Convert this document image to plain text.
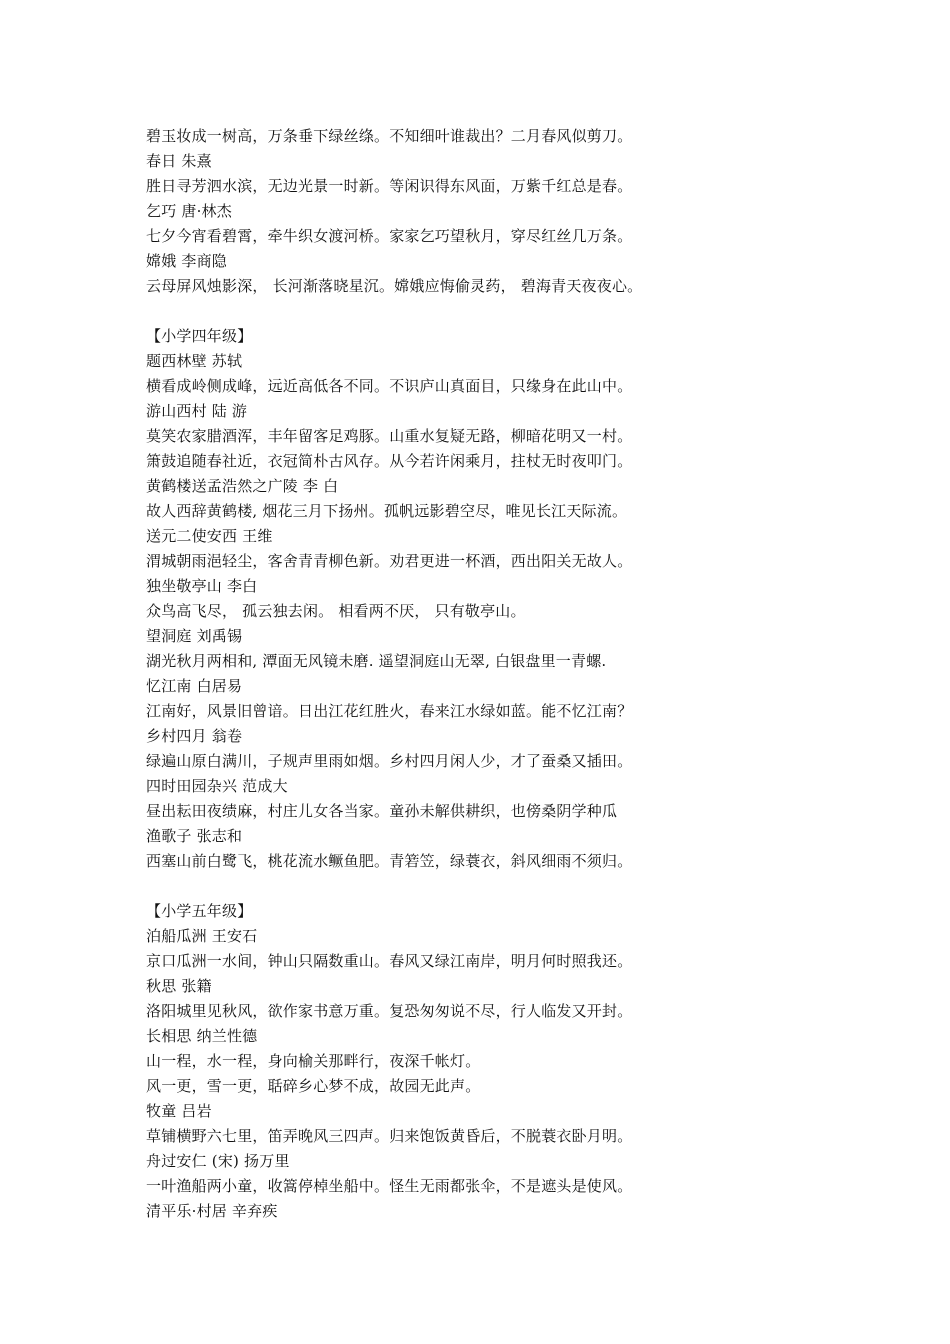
碧玉妆成一树高，万条垂下绿丝绦。不知细叶谁裁出？二月春风似剪刀。
春日 朱熹
胜日寻芳泗水滨，无边光景一时新。等闲识得东风面，万紫千红总是春。
乞巧 唐·林杰
七夕今宵看碧霄，牵牛织女渡河桥。家家乞巧望秋月，穿尽红丝几万条。
嫦娥 李商隐
云母屏风烛影深， 长河渐落晓星沉。嫦娥应悔偷灵药， 碧海青天夜夜心。
【小学四年级】
题西林壁 苏轼
横看成岭侧成峰，远近高低各不同。不识庐山真面目，只缘身在此山中。
游山西村 陆 游
莫笑农家腊酒浑，丰年留客足鸡豚。山重水复疑无路，柳暗花明又一村。
箫鼓追随春社近，衣冠简朴古风存。从今若许闲乘月，拄杖无时夜叩门。
黄鹤楼送孟浩然之广陵 李 白
故人西辞黄鹤楼, 烟花三月下扬州。孤帆远影碧空尽，唯见长江天际流。
送元二使安西 王维
渭城朝雨浥轻尘，客舍青青柳色新。劝君更进一杯酒，西出阳关无故人。
独坐敬亭山 李白
众鸟高飞尽， 孤云独去闲。 相看两不厌， 只有敬亭山。
望洞庭 刘禹锡
湖光秋月两相和, 潭面无风镜未磨. 遥望洞庭山无翠, 白银盘里一青螺.
忆江南 白居易
江南好，风景旧曾谙。日出江花红胜火，春来江水绿如蓝。能不忆江南？
乡村四月 翁卷
绿遍山原白满川，子规声里雨如烟。乡村四月闲人少，才了蚕桑又插田。
四时田园杂兴 范成大
昼出耘田夜绩麻，村庄儿女各当家。童孙未解供耕织，也傍桑阴学种瓜
渔歌子 张志和
西塞山前白鹭飞，桃花流水鳜鱼肥。青箬笠，绿蓑衣，斜风细雨不须归。
【小学五年级】
泊船瓜洲 王安石
京口瓜洲一水间，钟山只隔数重山。春风又绿江南岸，明月何时照我还。
秋思 张籍
洛阳城里见秋风，欲作家书意万重。复恐匆匆说不尽，行人临发又开封。
长相思 纳兰性德
山一程，水一程，身向榆关那畔行，夜深千帐灯。
风一更，雪一更，聒碎乡心梦不成，故园无此声。
牧童 吕岩
草铺横野六七里，笛弄晚风三四声。归来饱饭黄昏后，不脱蓑衣卧月明。
舟过安仁 (宋) 扬万里
一叶渔船两小童，收篙停棹坐船中。怪生无雨都张伞，不是遮头是使风。
清平乐·村居 辛弃疾
